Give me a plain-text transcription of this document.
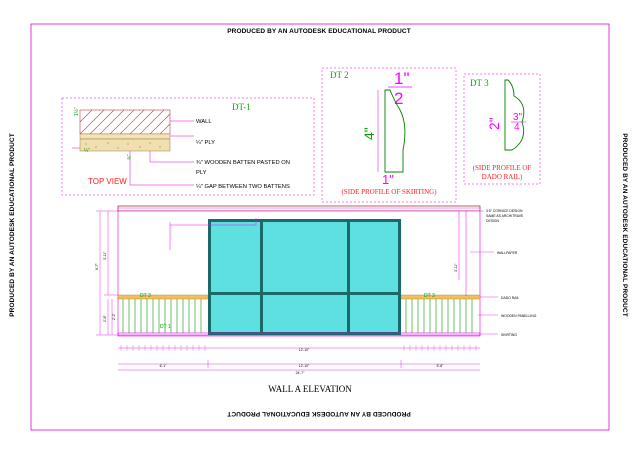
PRODUCED BY AN AUTODESK EDUCATIONAL PRODUCT
PRODUCED BY AN AUTODESK EDUCATIONAL PRODUCT
PRODUCED BY AN AUTODESK EDUCATIONAL PRODUCT	PRODUCED BY AN AUTODESK EDUCATIONAL PRODUCT
DT-1
WALL
¼" PLY
¾" WOODEN BATTEN PASTED ON
PLY
¼" GAP BETWEEN TWO BATTENS
¼"
¾"
1½"
TOP VIEW
DT 2	1"
2
4"
1"
(SIDE PROFILE OF SKIRTING)
DT 3
2" 3"
4
(SIDE PROFILE OF
DADO RAIL)
DT 3	DT 3
DT 1
6'-7"
3'-11"
2'-8" 2'-2"
3'-11"
3.5" CORNICE DESIGN
SAME AS ARCHITRAVE
DESIGN
WALLPAPER
DADO RAIL
WOODEN PANELLING
SKIRTING
12'-10"
6'-1"	12'-10"	5'-8"
24'-7"
WALL A ELEVATION
